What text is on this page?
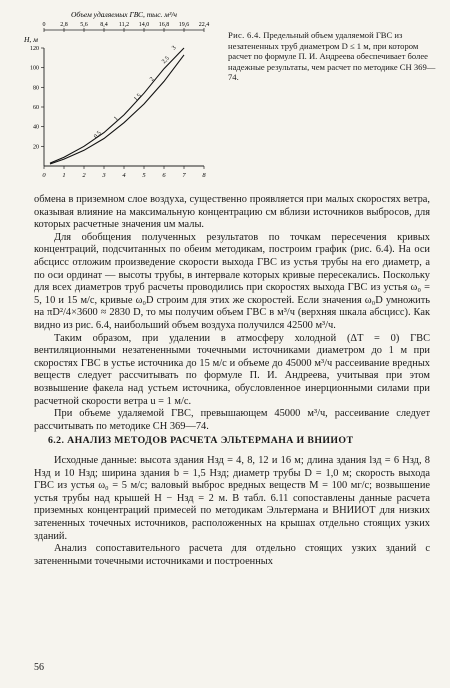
Объем удаляемых ГВС, тыс. м³/ч
0 2,8 5,6 8,4 11,2 14,0 16,8 19,6 22,4
H, м
20
40
60
80
100
120
0	1	2	3	4	5	6	7	8
0,5
1
1,5
2
2,5
3
Рис. 6.4. Предельный объем удаляемой ГВС из незатененных труб диаметром D ≤ 1 м, при котором расчет по формуле П. И. Андреева обеспечивает более надежные результаты, чем расчет по методике СН 369—74.

обмена в приземном слое воздуха, существенно проявляется при малых скоростях ветра, оказывая влияние на максимальную концентрацию cм вблизи источников выбросов, для которых расчетные значения uм малы.

Для обобщения полученных результатов по точкам пересечения кривых концентраций, подсчитанных по обеим методикам, построим график (рис. 6.4). На оси абсцисс отложим произведение скорости выхода ГВС из устья трубы на его диаметр, а по оси ординат — высоты трубы, в интервале которых кривые пересекались. Поскольку для всех диаметров труб расчеты проводились при скоростях выхода ГВС из устья ω₀ = 5, 10 и 15 м/с, кривые ω₀D строим для этих же скоростей. Если значения ω₀D умножить на πD²/4×3600 ≈ 2830 D, то мы получим объем ГВС в м³/ч (верхняя шкала абсцисс). Как видно из рис. 6.4, наибольший объем воздуха получился 42500 м³/ч.

Таким образом, при удалении в атмосферу холодной (ΔT = 0) ГВС вентиляционными незатененными точечными источниками диаметром до 1 м при скоростях ГВС в устье источника до 15 м/с и объеме до 45000 м³/ч рассеивание вредных веществ следует рассчитывать по формуле П. И. Андреева, учитывая при этом возвышение факела над устьем источника, обусловленное инерционными силами при расчетной скорости ветра u = 1 м/с.

При объеме удаляемой ГВС, превышающем 45000 м³/ч, рассеивание следует рассчитывать по методике СН 369—74.

6.2. АНАЛИЗ МЕТОДОВ РАСЧЕТА ЭЛЬТЕРМАНА И ВНИИОТ

Исходные данные: высота здания Hзд = 4, 8, 12 и 16 м; длина здания lзд = 6 Hзд, 8 Hзд и 10 Hзд; ширина здания b = 1,5 Hзд; диаметр трубы D = 1,0 м; скорость выхода ГВС из устья ω₀ = 5 м/с; валовый выброс вредных веществ M = 100 мг/с; возвышение устья трубы над крышей H − Hзд = 2 м. В табл. 6.11 сопоставлены данные расчета приземных концентраций примесей по методикам Эльтермана и ВНИИОТ для низких затененных точечных источников, расположенных на крышах отдельно стоящих узких зданий.

Анализ сопоставительного расчета для отдельно стоящих узких зданий с затененными точечными источниками и построенных

56
